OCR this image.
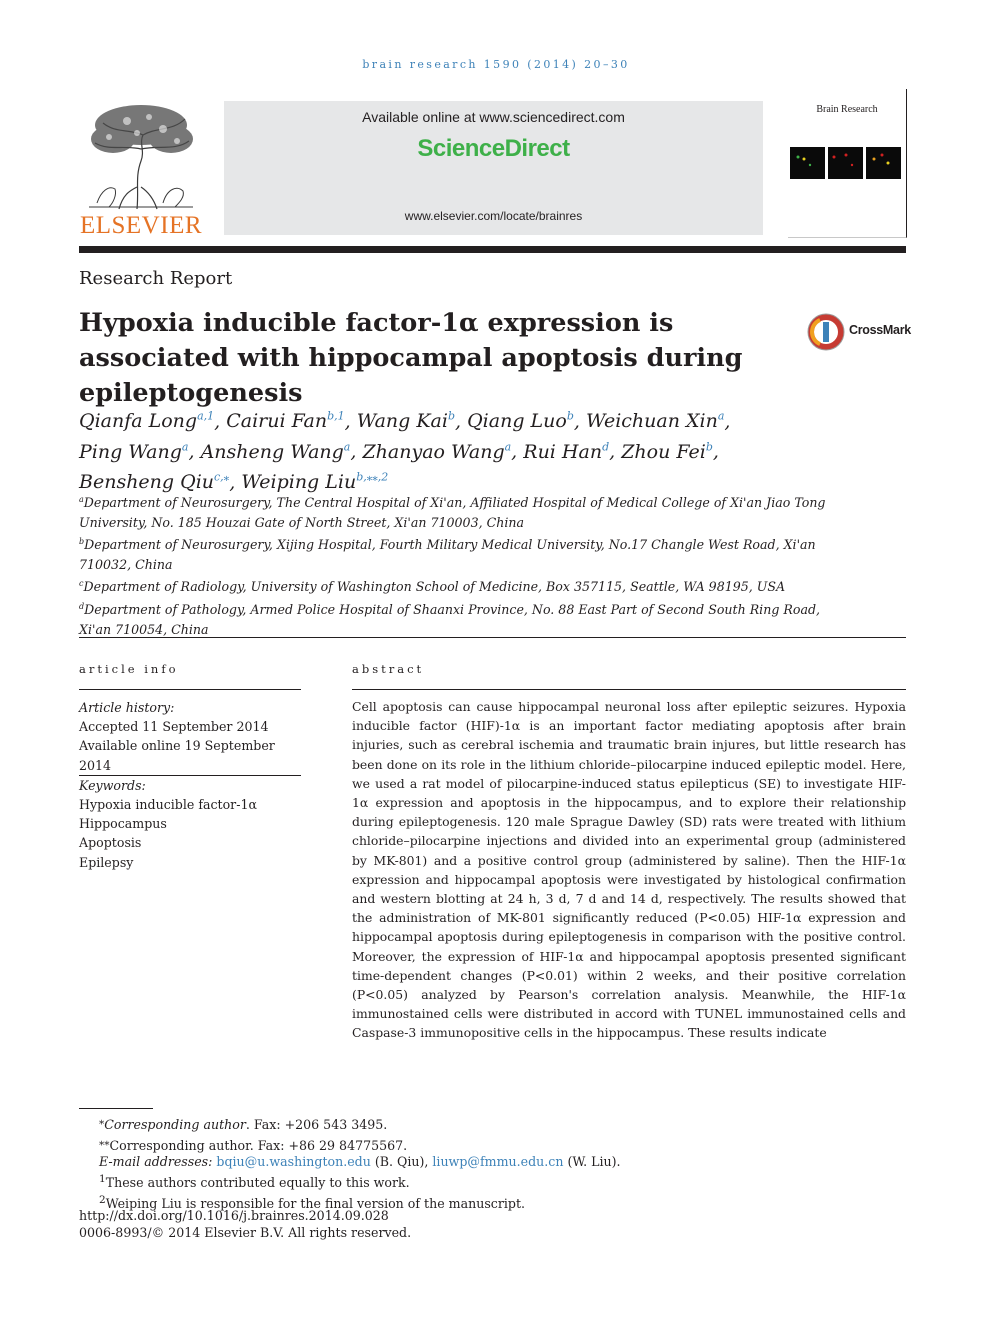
brain research 1590 (2014) 20–30
ELSEVIER
Available online at www.sciencedirect.com
ScienceDirect
www.elsevier.com/locate/brainres
Brain Research
Research Report
Hypoxia inducible factor-1α expression is associated with hippocampal apoptosis during epileptogenesis
CrossMark
Qianfa Long$^{a,1}$, Cairui Fan$^{b,1}$, Wang Kai$^b$, Qiang Luo$^b$, Weichuan Xin$^a$,
Ping Wang$^a$, Ansheng Wang$^a$, Zhanyao Wang$^a$, Rui Han$^d$, Zhou Fei$^b$,
Bensheng Qiu$^{c,⁎}$, Weiping Liu$^{b,⁎⁎,2}$
$^a$Department of Neurosurgery, The Central Hospital of Xi'an, Affiliated Hospital of Medical College of Xi'an Jiao Tong University, No. 185 Houzai Gate of North Street, Xi'an 710003, China
$^b$Department of Neurosurgery, Xijing Hospital, Fourth Military Medical University, No.17 Changle West Road, Xi'an 710032, China
$^c$Department of Radiology, University of Washington School of Medicine, Box 357115, Seattle, WA 98195, USA
$^d$Department of Pathology, Armed Police Hospital of Shaanxi Province, No. 88 East Part of Second South Ring Road, Xi'an 710054, China
article info
Article history:
Accepted 11 September 2014
Available online 19 September 2014
Keywords:
Hypoxia inducible factor-1α
Hippocampus
Apoptosis
Epilepsy
abstract
Cell apoptosis can cause hippocampal neuronal loss after epileptic seizures. Hypoxia inducible factor (HIF)-1α is an important factor mediating apoptosis after brain injuries, such as cerebral ischemia and traumatic brain injures, but little research has been done on its role in the lithium chloride–pilocarpine induced epileptic model. Here, we used a rat model of pilocarpine-induced status epilepticus (SE) to investigate HIF-1α expression and apoptosis in the hippocampus, and to explore their relationship during epileptogenesis. 120 male Sprague Dawley (SD) rats were treated with lithium chloride–pilocarpine injections and divided into an experimental group (administered by MK-801) and a positive control group (administered by saline). Then the HIF-1α expression and hippocampal apoptosis were investigated by histological confirmation and western blotting at 24 h, 3 d, 7 d and 14 d, respectively. The results showed that the administration of MK-801 significantly reduced (P<0.05) HIF-1α expression and hippocampal apoptosis during epileptogenesis in comparison with the positive control. Moreover, the expression of HIF-1α and hippocampal apoptosis presented significant time-dependent changes (P<0.01) within 2 weeks, and their positive correlation (P<0.05) analyzed by Pearson's correlation analysis. Meanwhile, the HIF-1α immunostained cells were distributed in accord with TUNEL immunostained cells and Caspase-3 immunopositive cells in the hippocampus. These results indicate
⁎Corresponding author. Fax: +206 543 3495.
⁎⁎Corresponding author. Fax: +86 29 84775567.
E-mail addresses: bqiu@u.washington.edu (B. Qiu), liuwp@fmmu.edu.cn (W. Liu).
$^1$These authors contributed equally to this work.
$^2$Weiping Liu is responsible for the final version of the manuscript.
http://dx.doi.org/10.1016/j.brainres.2014.09.028
0006-8993/© 2014 Elsevier B.V. All rights reserved.
